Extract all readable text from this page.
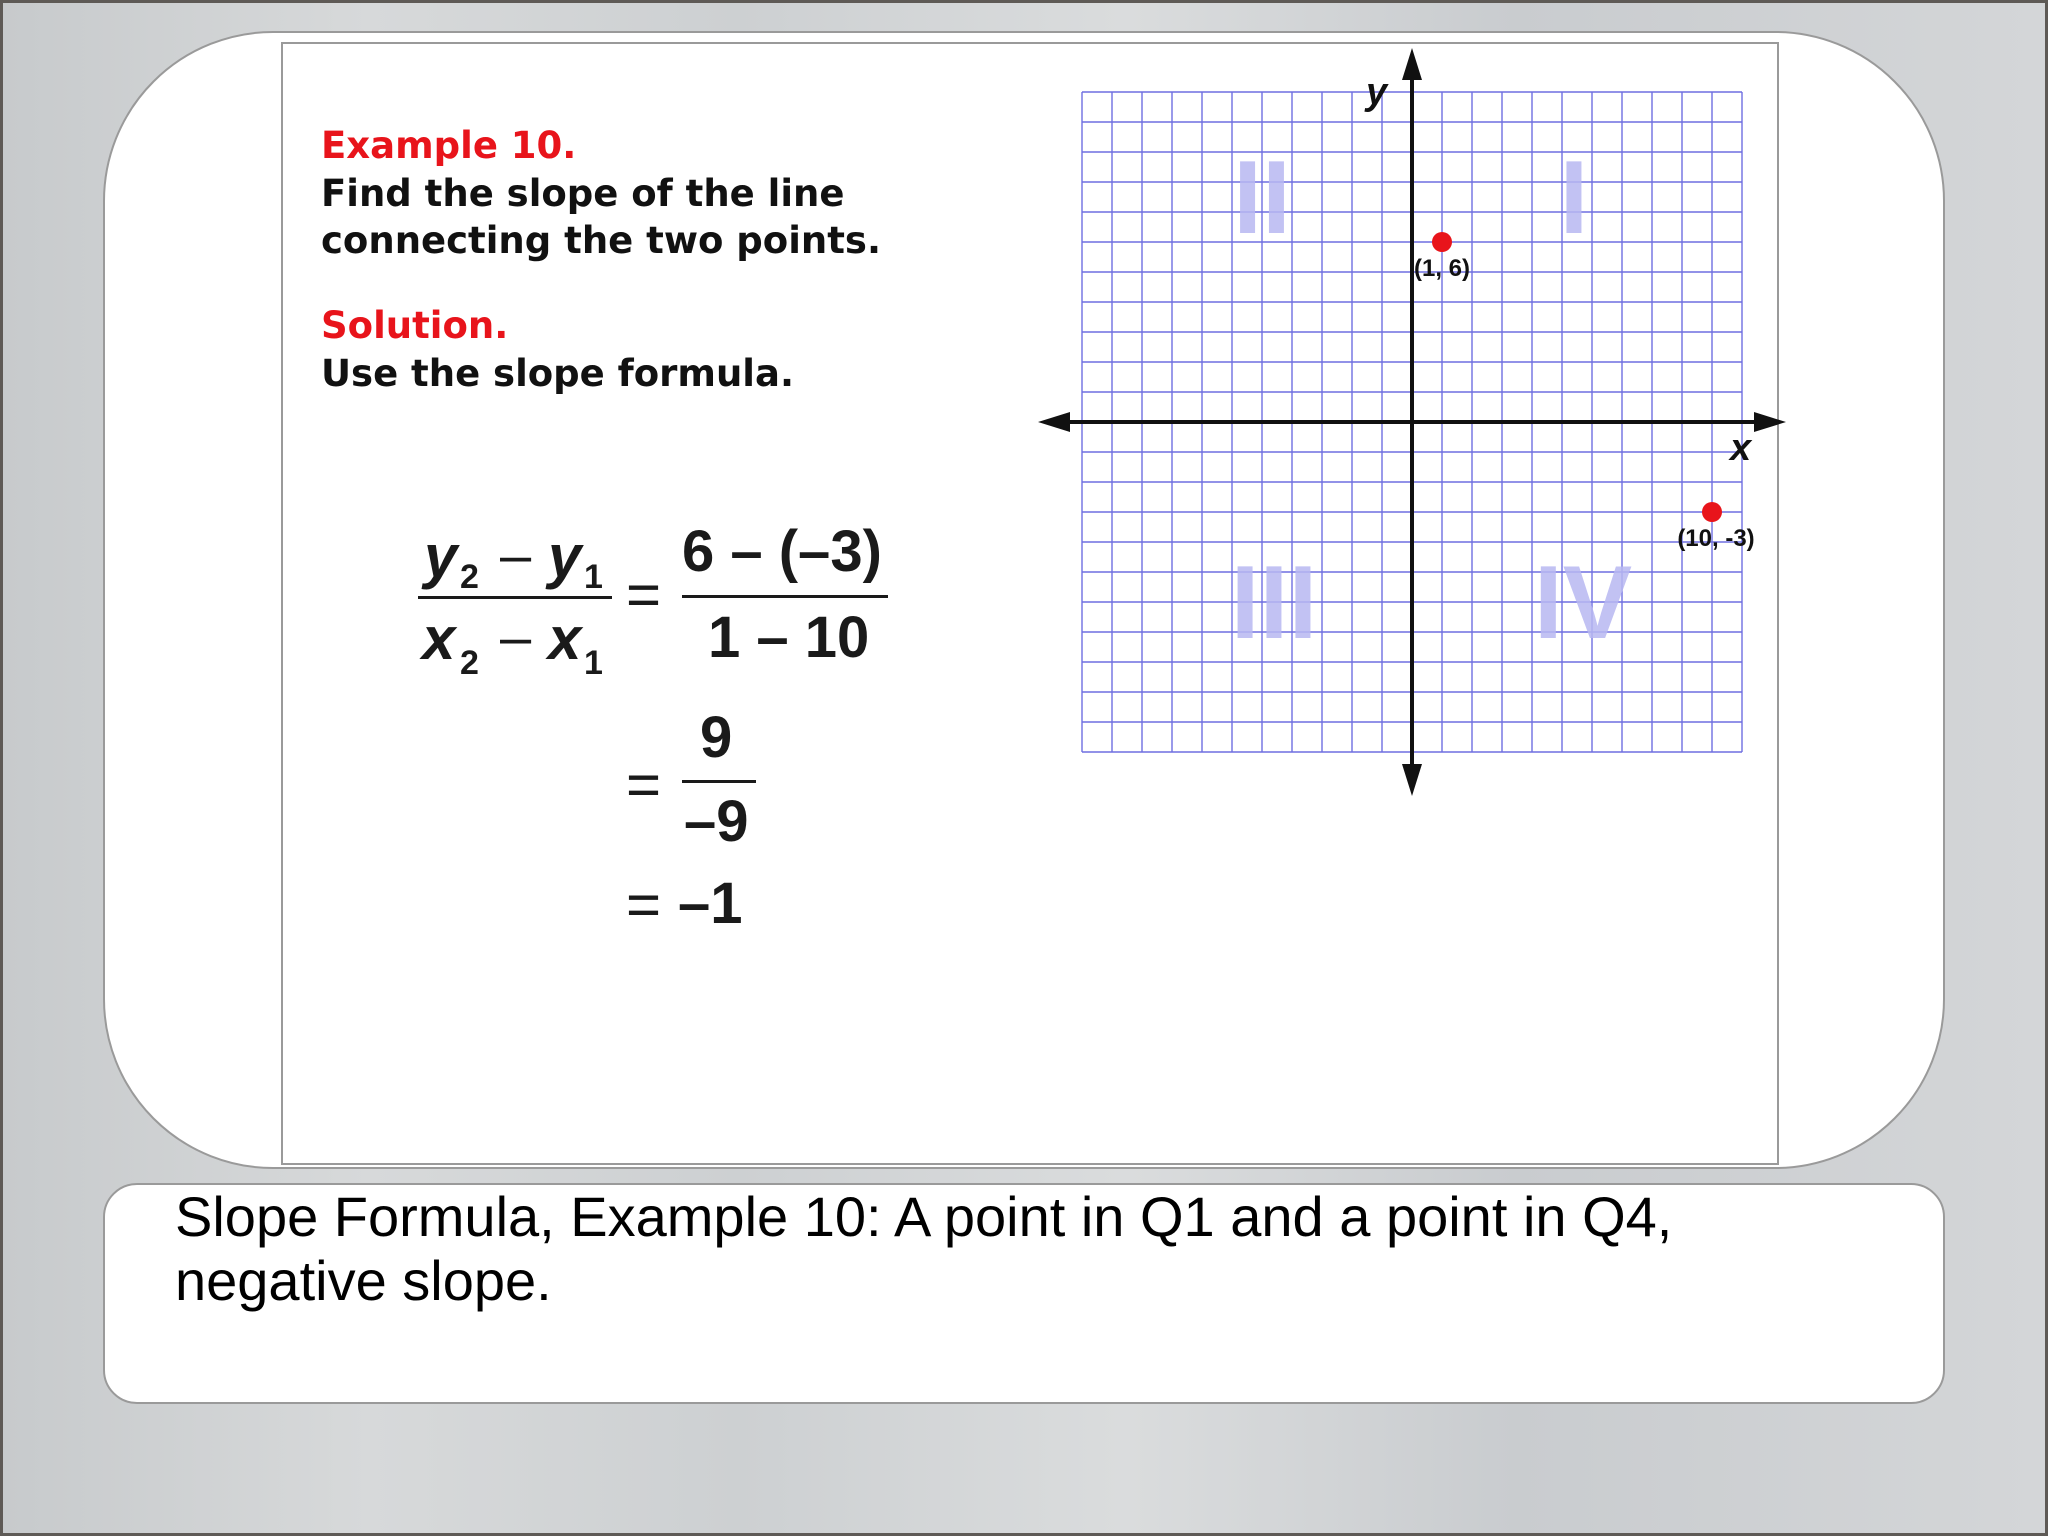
Example 10.

Find the slope of the line

connecting the two points.

Solution.

Use the slope formula.

y 2 – y 1
x 2 – x 1
=
6 – (–3)
1 – 10
=
9
–9
= –1
I
II
III IV
x
y
(1, 6)
(10, -3)

Slope Formula, Example 10: A point in Q1 and a point in Q4, negative slope.
